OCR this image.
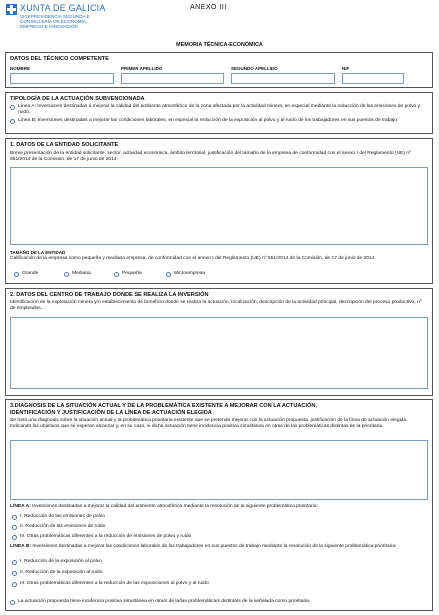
XUNTA DE GALICIA
VICEPRESIDENCIA SEGUNDA E
CONSELLERÍA DE ECONOMÍA,
EMPREGO E INNOVACIÓN
ANEXO III
MEMORIA TÉCNICA-ECONÓMICA
DATOS DEL TÉCNICO COMPETENTE
NOMBRE	PRIMER APELLIDO	SEGUNDO APELLIDO	NIF
TIPOLOGÍA DE LA ACTUACIÓN SUBVENCIONADA
Línea A: Inversiones destinadas a mejorar la calidad del ambiente atmosférico de la zona afectada por la actividad minera, en especial mediante la reducción de las emisiones de polvo y ruido.
Línea B: Inversiones destinadas a mejorar las condiciones laborales, en especial la reducción de la exposición al polvo y al ruido de los trabajadores en sus puestos de trabajo.
1. DATOS DE LA ENTIDAD SOLICITANTE
Breve presentación de la entidad solicitante: sector, actividad económica, ámbito territorial, justificación del tamaño de la empresa de conformidad con el anexo I del Reglamento (UE) nº 651/2014 de la Comisión, de 17 de junio de 2014.
TAMAÑO DE LA ENTIDAD
Calificación de la empresa como pequeña y mediana empresa, de conformidad con el anexo I del Reglamento (UE) nº 651/2014 de la Comisión, de 17 de junio de 2014.
Grande	Mediana	Pequeña	Microempresa
2. DATOS DEL CENTRO DE TRABAJO DONDE SE REALIZA LA INVERSIÓN
Identificación de la explotación minera y/o establecimiento de beneficio donde se realiza la actuación, localización, descripción de la actividad principal, descripción del proceso productivo, nº de empleados...
3.DIAGNOSIS DE LA SITUACIÓN ACTUAL Y DE LA PROBLEMÁTICA EXISTENTE A MEJORAR CON LA ACTUACIÓN,
IDENTIFICACIÓN Y JUSTIFICACIÓN DE LA LÍNEA DE ACTUACIÓN ELEGIDA
Se hará una diagnosis sobre la situación actual y la problemática prioritaria existente que se pretende mejorar con la actuación propuesta, justificación de la línea de actuación elegida. Indicando los objetivos que se esperan alcanzar y, en su caso, si dicha actuación tiene incidencia positiva simultánea en otras de las problemáticas distintas de la prioritaria.
LÍNEA A: Inversiones destinadas a mejorar la calidad del ambiente atmosférico mediante la resolución de la siguiente problemática prioritaria:
I. Reducción de las emisiones de polvo
II. Reducción de las emisiones de ruido
III. Otras problemáticas diferentes a la reducción de emisiones de polvo y ruido
LÍNEA B: Inversiones destinadas a mejorar las condiciones laborales de los trabajadores en sus puestos de trabajo mediante la resolución de la siguiente problemática prioritaria:
I. Reducción de la exposición al polvo
II. Reducción de la exposición al ruido
III. Otras problemáticas diferentes a la reducción de las exposiciones al polvo y al ruido
La actuación propuesta tiene incidencia positiva simultánea en otra/s de la/las problemática/s distinta/s de la señalada como prioritaria.
